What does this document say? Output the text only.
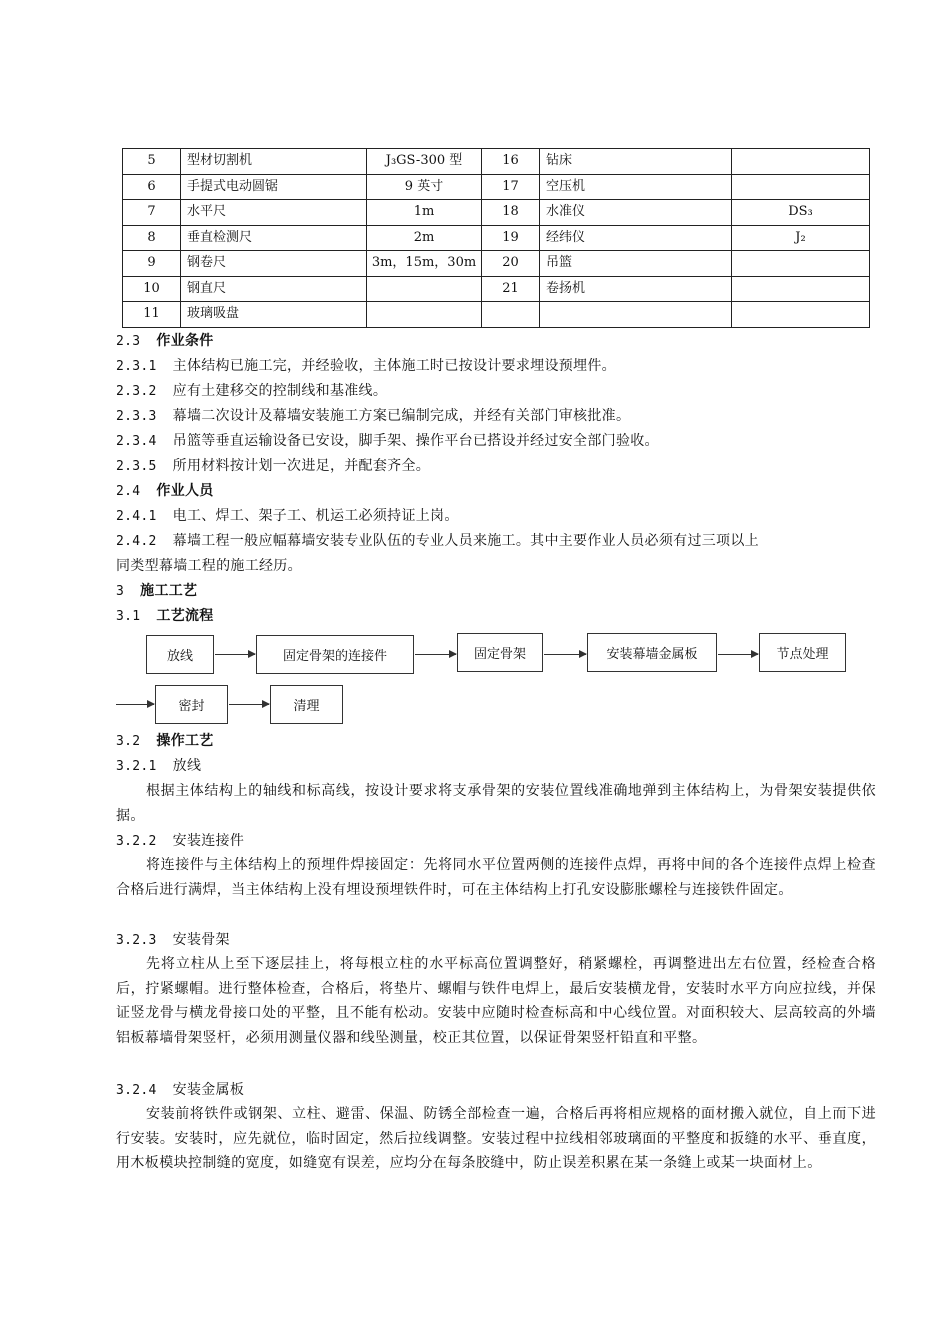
5	型材切割机	J₃GS-300 型	16	钻床	
6	手提式电动圆锯	9 英寸	17	空压机	
7	水平尺	1m	18	水准仪	DS₃
8	垂直检测尺	2m	19	经纬仪	J₂
9	钢卷尺	3m，15m，30m	20	吊篮	
10	钢直尺		21	卷扬机	
11	玻璃吸盘				
2.3 作业条件
2.3.1 主体结构已施工完，并经验收，主体施工时已按设计要求埋设预埋件。
2.3.2 应有土建移交的控制线和基准线。
2.3.3 幕墙二次设计及幕墙安装施工方案已编制完成，并经有关部门审核批准。
2.3.4 吊篮等垂直运输设备已安设，脚手架、操作平台已搭设并经过安全部门验收。
2.3.5 所用材料按计划一次进足，并配套齐全。
2.4 作业人员
2.4.1 电工、焊工、架子工、机运工必须持证上岗。
2.4.2 幕墙工程一般应幅幕墙安装专业队伍的专业人员来施工。其中主要作业人员必须有过三项以上
同类型幕墙工程的施工经历。
3 施工工艺
3.1 工艺流程
放线	固定骨架的连接件	固定骨架	安装幕墙金属板	节点处理
密封	清理
3.2 操作工艺
3.2.1 放线
根据主体结构上的轴线和标高线，按设计要求将支承骨架的安装位置线准确地弹到主体结构上，为骨架安装提供依据。
3.2.2 安装连接件
将连接件与主体结构上的预埋件焊接固定：先将同水平位置两侧的连接件点焊，再将中间的各个连接件点焊上检查合格后进行满焊，当主体结构上没有埋设预埋铁件时，可在主体结构上打孔安设膨胀螺栓与连接铁件固定。
3.2.3 安装骨架
先将立柱从上至下逐层挂上，将每根立柱的水平标高位置调整好，稍紧螺栓，再调整进出左右位置，经检查合格后，拧紧螺帽。进行整体检查，合格后，将垫片、螺帽与铁件电焊上，最后安装横龙骨，安装时水平方向应拉线，并保证竖龙骨与横龙骨接口处的平整，且不能有松动。安装中应随时检查标高和中心线位置。对面积较大、层高较高的外墙铝板幕墙骨架竖杆，必须用测量仪器和线坠测量，校正其位置，以保证骨架竖杆铅直和平整。
3.2.4 安装金属板
安装前将铁件或钢架、立柱、避雷、保温、防锈全部检查一遍，合格后再将相应规格的面材搬入就位，自上而下进行安装。安装时，应先就位，临时固定，然后拉线调整。安装过程中拉线相邻玻璃面的平整度和扳缝的水平、垂直度，用木板模块控制缝的宽度，如缝宽有误差，应均分在每条胶缝中，防止误差积累在某一条缝上或某一块面材上。
